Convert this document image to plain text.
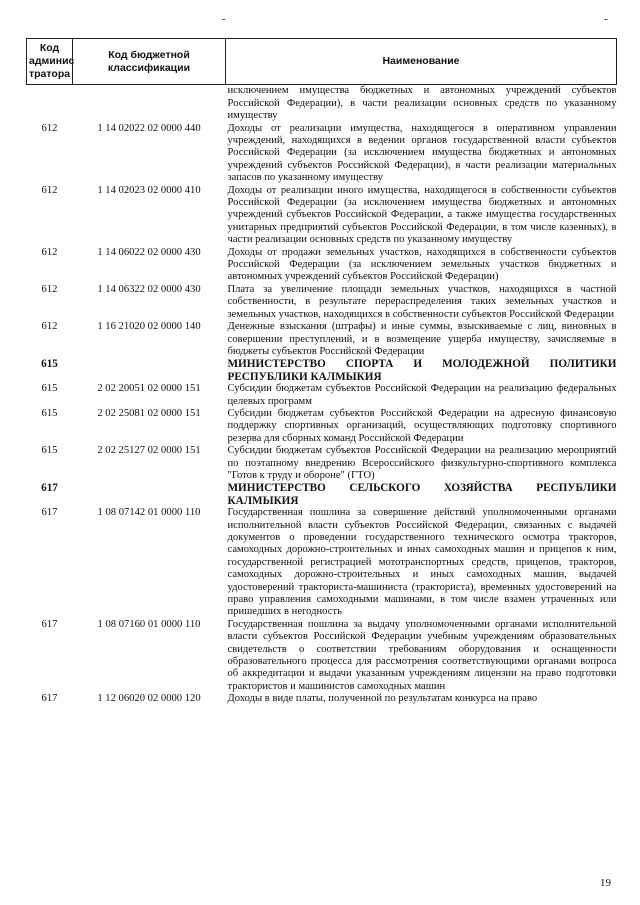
-	-
Код админис тратора	Код бюджетной классификации	Наименование
		исключением имущества бюджетных и автономных учреждений субъектов Российской Федерации), в части реализации основных средств по указанному имуществу
612	1 14 02022 02 0000 440	Доходы от реализации имущества, находящегося в оперативном управлении учреждений, находящихся в ведении органов государственной власти субъектов Российской Федерации (за исключением имущества бюджетных и автономных учреждений субъектов Российской Федерации), в части реализации материальных запасов по указанному имуществу
612	1 14 02023 02 0000 410	Доходы от реализации иного имущества, находящегося в собственности субъектов Российской Федерации (за исключением имущества бюджетных и автономных учреждений субъектов Российской Федерации, а также имущества государственных унитарных предприятий субъектов Российской Федерации, в том числе казенных), в части реализации основных средств по указанному имуществу
612	1 14 06022 02 0000 430	Доходы от продажи земельных участков, находящихся в собственности субъектов Российской Федерации (за исключением земельных участков бюджетных и автономных учреждений субъектов Российской Федерации)
612	1 14 06322 02 0000 430	Плата за увеличение площади земельных участков, находящихся в частной собственности, в результате перераспределения таких земельных участков и земельных участков, находящихся в собственности субъектов Российской Федерации
612	1 16 21020 02 0000 140	Денежные взыскания (штрафы) и иные суммы, взыскиваемые с лиц, виновных в совершении преступлений, и в возмещение ущерба имуществу, зачисляемые в бюджеты субъектов Российской Федерации
615		МИНИСТЕРСТВО СПОРТА И МОЛОДЕЖНОЙ ПОЛИТИКИ РЕСПУБЛИКИ КАЛМЫКИЯ
615	2 02 20051 02 0000 151	Субсидии бюджетам субъектов Российской Федерации на реализацию федеральных целевых программ
615	2 02 25081 02 0000 151	Субсидии бюджетам субъектов Российской Федерации на адресную финансовую поддержку спортивных организаций, осуществляющих подготовку спортивного резерва для сборных команд Российской Федерации
615	2 02 25127 02 0000 151	Субсидии бюджетам субъектов Российской Федерации на реализацию мероприятий по поэтапному внедрению Всероссийского физкультурно-спортивного комплекса "Готов к труду и обороне" (ГТО)
617		МИНИСТЕРСТВО СЕЛЬСКОГО ХОЗЯЙСТВА РЕСПУБЛИКИ КАЛМЫКИЯ
617	1 08 07142 01 0000 110	Государственная пошлина за совершение действий уполномоченными органами исполнительной власти субъектов Российской Федерации, связанных с выдачей документов о проведении государственного технического осмотра тракторов, самоходных дорожно-строительных и иных самоходных машин и прицепов к ним, государственной регистрацией мототранспортных средств, прицепов, тракторов, самоходных дорожно-строительных и иных самоходных машин, выдачей удостоверений тракториста-машиниста (тракториста), временных удостоверений на право управления самоходными машинами, в том числе взамен утраченных или пришедших в негодность
617	1 08 07160 01 0000 110	Государственная пошлина за выдачу уполномоченными органами исполнительной власти субъектов Российской Федерации учебным учреждениям образовательных свидетельств о соответствии требованиям оборудования и оснащенности образовательного процесса для рассмотрения соответствующими органами вопроса об аккредитации и выдачи указанным учреждениям лицензии на право подготовки трактористов и машинистов самоходных машин
617	1 12 06020 02 0000 120	Доходы в виде платы, полученной по результатам конкурса на право
19
